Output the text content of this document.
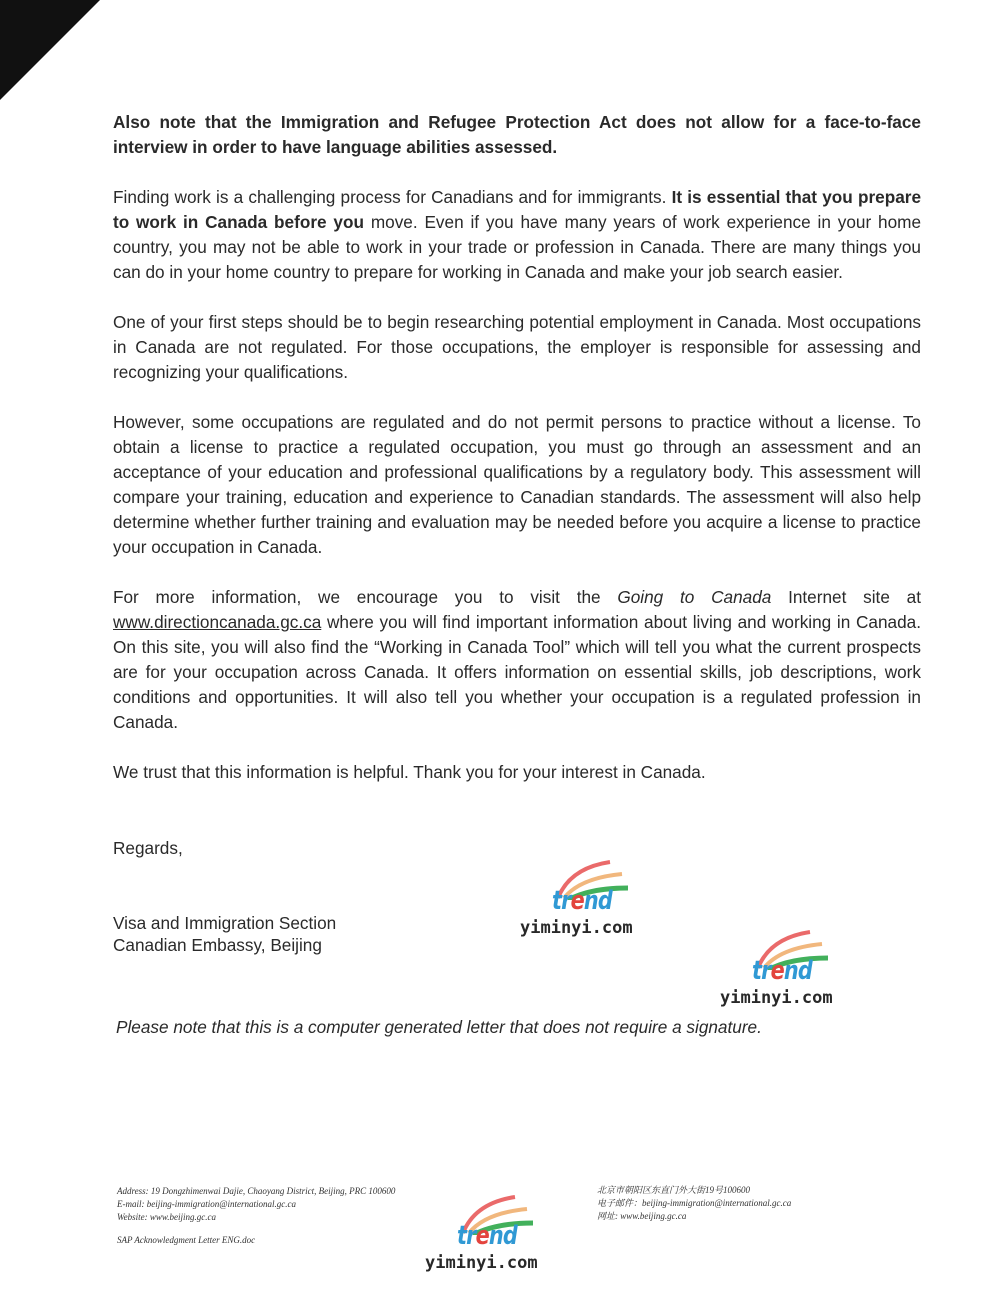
Also note that the Immigration and Refugee Protection Act does not allow for a face-to-face interview in order to have language abilities assessed.
Finding work is a challenging process for Canadians and for immigrants. It is essential that you prepare to work in Canada before you move. Even if you have many years of work experience in your home country, you may not be able to work in your trade or profession in Canada. There are many things you can do in your home country to prepare for working in Canada and make your job search easier.
One of your first steps should be to begin researching potential employment in Canada. Most occupations in Canada are not regulated. For those occupations, the employer is responsible for assessing and recognizing your qualifications.
However, some occupations are regulated and do not permit persons to practice without a license. To obtain a license to practice a regulated occupation, you must go through an assessment and an acceptance of your education and professional qualifications by a regulatory body. This assessment will compare your training, education and experience to Canadian standards. The assessment will also help determine whether further training and evaluation may be needed before you acquire a license to practice your occupation in Canada.
For more information, we encourage you to visit the Going to Canada Internet site at www.directioncanada.gc.ca where you will find important information about living and working in Canada. On this site, you will also find the “Working in Canada Tool” which will tell you what the current prospects are for your occupation across Canada. It offers information on essential skills, job descriptions, work conditions and opportunities. It will also tell you whether your occupation is a regulated profession in Canada.
We trust that this information is helpful. Thank you for your interest in Canada.
Regards,
Visa and Immigration Section
Canadian Embassy, Beijing
Please note that this is a computer generated letter that does not require a signature.
Address: 19 Dongzhimenwai Dajie, Chaoyang District, Beijing, PRC 100600
E-mail: beijing-immigration@international.gc.ca
Website: www.beijing.gc.ca
SAP Acknowledgment Letter ENG.doc
北京市朝阳区东直门外大街19号100600
电子邮件：beijing-immigration@international.gc.ca
网址: www.beijing.gc.ca
trend
yiminyi.com
trend
yiminyi.com
trend
yiminyi.com
